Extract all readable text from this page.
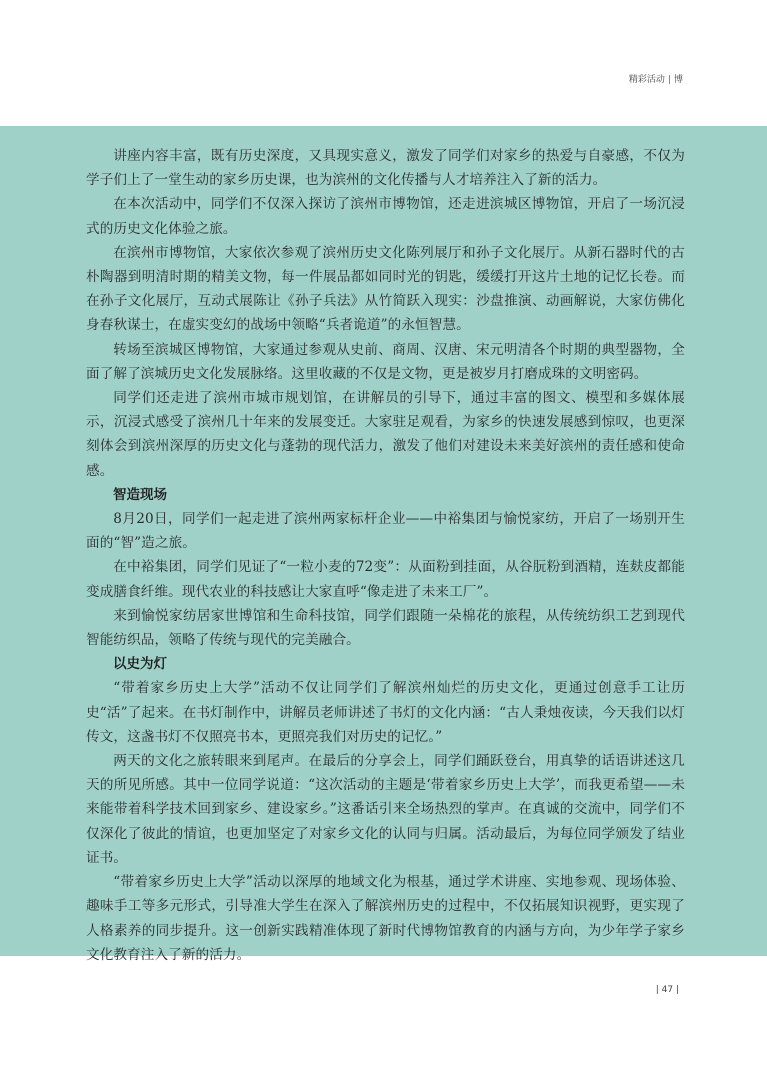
精彩活动 | 博

讲座内容丰富，既有历史深度，又具现实意义，激发了同学们对家乡的热爱与自豪感，不仅为学子们上了一堂生动的家乡历史课，也为滨州的文化传播与人才培养注入了新的活力。

在本次活动中，同学们不仅深入探访了滨州市博物馆，还走进滨城区博物馆，开启了一场沉浸式的历史文化体验之旅。

在滨州市博物馆，大家依次参观了滨州历史文化陈列展厅和孙子文化展厅。从新石器时代的古朴陶器到明清时期的精美文物，每一件展品都如同时光的钥匙，缓缓打开这片土地的记忆长卷。而在孙子文化展厅，互动式展陈让《孙子兵法》从竹简跃入现实：沙盘推演、动画解说，大家仿佛化身春秋谋士，在虚实变幻的战场中领略“兵者诡道”的永恒智慧。

转场至滨城区博物馆，大家通过参观从史前、商周、汉唐、宋元明清各个时期的典型器物，全面了解了滨城历史文化发展脉络。这里收藏的不仅是文物，更是被岁月打磨成珠的文明密码。

同学们还走进了滨州市城市规划馆，在讲解员的引导下，通过丰富的图文、模型和多媒体展示，沉浸式感受了滨州几十年来的发展变迁。大家驻足观看，为家乡的快速发展感到惊叹，也更深刻体会到滨州深厚的历史文化与蓬勃的现代活力，激发了他们对建设未来美好滨州的责任感和使命感。

智造现场

8月20日，同学们一起走进了滨州两家标杆企业——中裕集团与愉悦家纺，开启了一场别开生面的“智”造之旅。

在中裕集团，同学们见证了“一粒小麦的72变”：从面粉到挂面，从谷朊粉到酒精，连麸皮都能变成膳食纤维。现代农业的科技感让大家直呼“像走进了未来工厂”。

来到愉悦家纺居家世博馆和生命科技馆，同学们跟随一朵棉花的旅程，从传统纺织工艺到现代智能纺织品，领略了传统与现代的完美融合。

以史为灯

“带着家乡历史上大学”活动不仅让同学们了解滨州灿烂的历史文化，更通过创意手工让历史“活”了起来。在书灯制作中，讲解员老师讲述了书灯的文化内涵：“古人秉烛夜读，今天我们以灯传文，这盏书灯不仅照亮书本，更照亮我们对历史的记忆。”

两天的文化之旅转眼来到尾声。在最后的分享会上，同学们踊跃登台，用真挚的话语讲述这几天的所见所感。其中一位同学说道：“这次活动的主题是‘带着家乡历史上大学’，而我更希望——未来能带着科学技术回到家乡、建设家乡。”这番话引来全场热烈的掌声。在真诚的交流中，同学们不仅深化了彼此的情谊，也更加坚定了对家乡文化的认同与归属。活动最后，为每位同学颁发了结业证书。

“带着家乡历史上大学”活动以深厚的地域文化为根基，通过学术讲座、实地参观、现场体验、趣味手工等多元形式，引导准大学生在深入了解滨州历史的过程中，不仅拓展知识视野，更实现了人格素养的同步提升。这一创新实践精准体现了新时代博物馆教育的内涵与方向，为少年学子家乡文化教育注入了新的活力。

| 47 |
